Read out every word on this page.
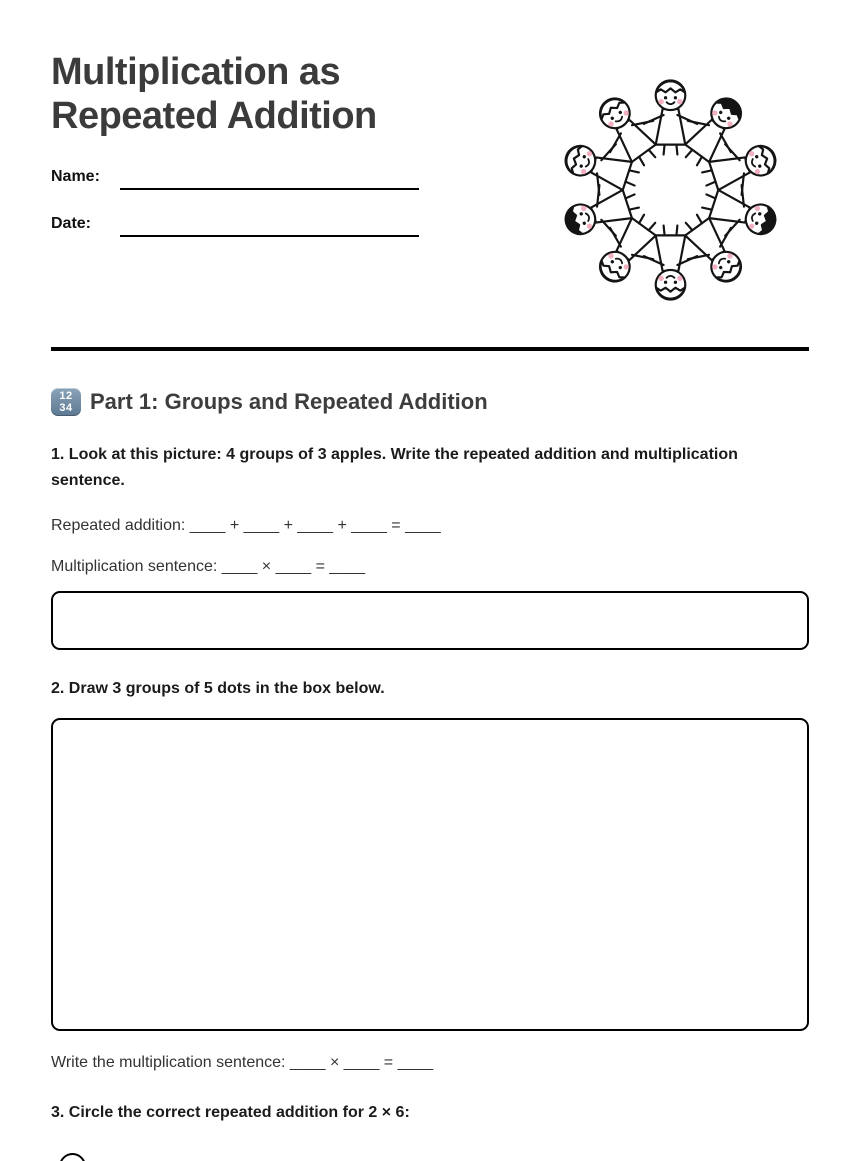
Multiplication as
Repeated Addition
Name:
Date:
12
34 Part 1: Groups and Repeated Addition

1. Look at this picture: 4 groups of 3 apples. Write the repeated addition and multiplication sentence.

Repeated addition: ____ + ____ + ____ + ____ = ____

Multiplication sentence: ____ × ____ = ____

2. Draw 3 groups of 5 dots in the box below.

Write the multiplication sentence: ____ × ____ = ____

3. Circle the correct repeated addition for 2 × 6:
